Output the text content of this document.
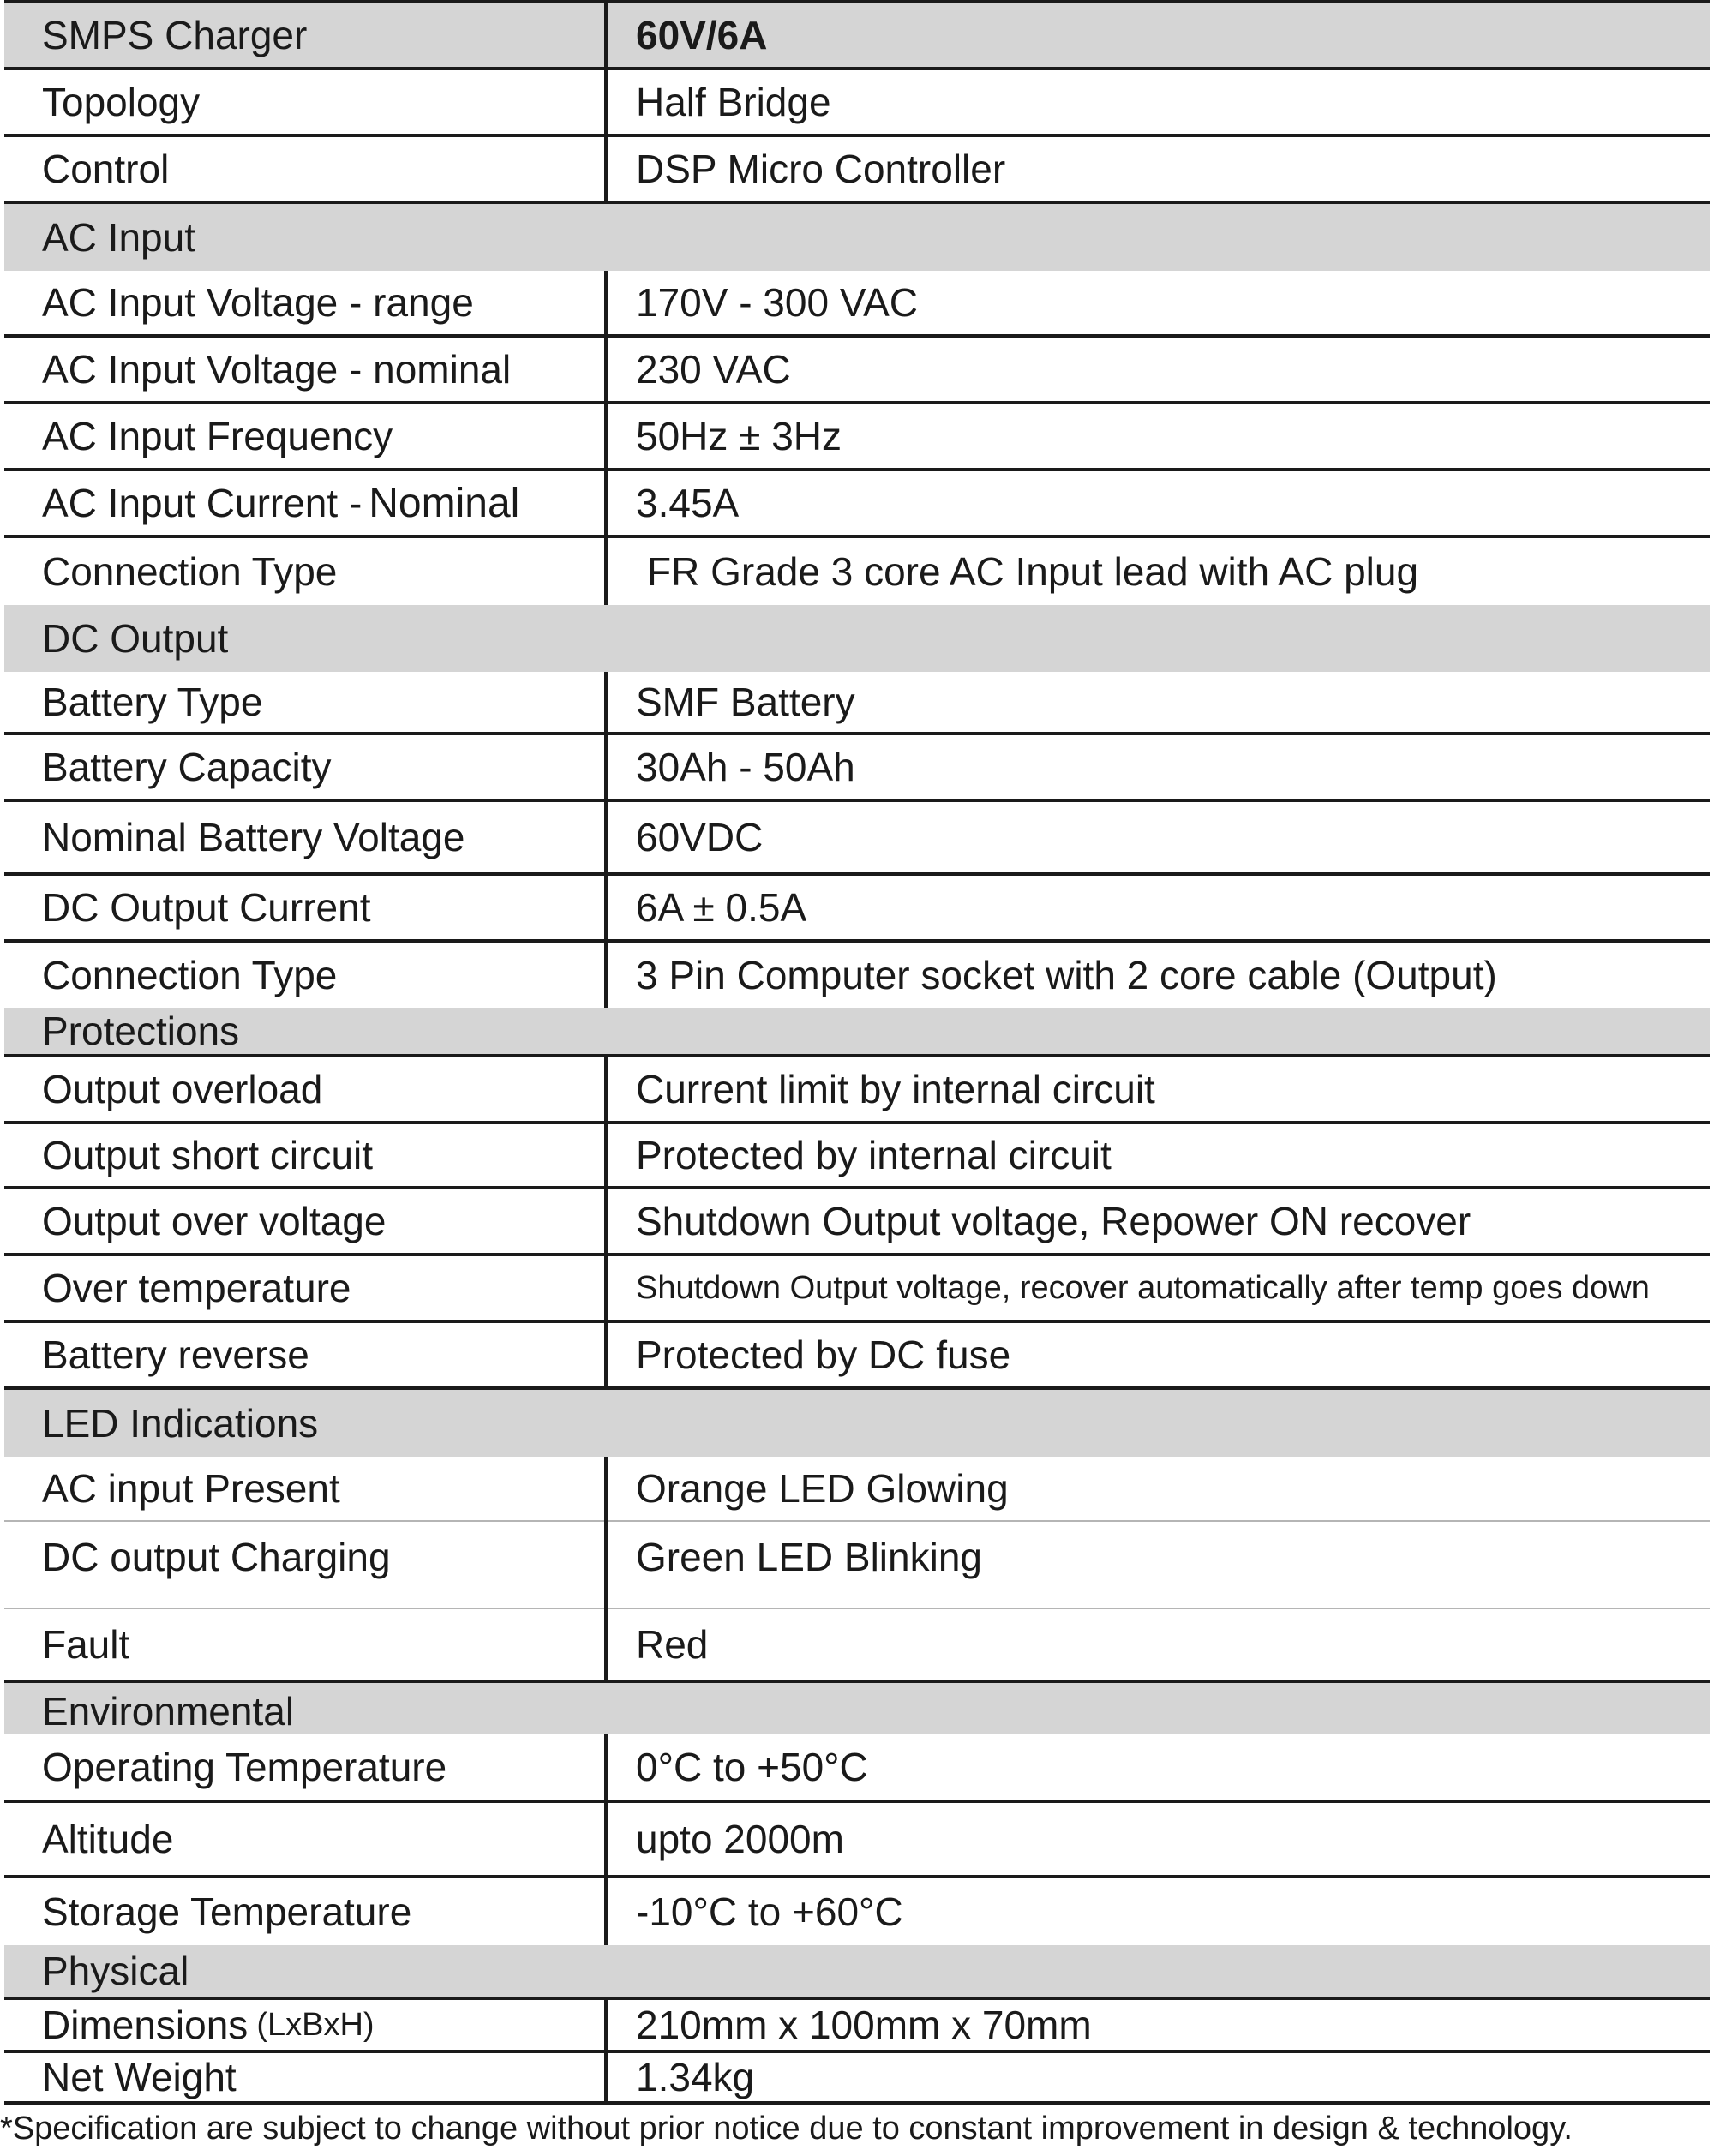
SMPS Charger	60V/6A
Topology	Half Bridge
Control	DSP Micro Controller
AC Input
AC Input Voltage - range	170V - 300 VAC
AC Input Voltage - nominal	230 VAC
AC Input Frequency	50Hz ± 3Hz
AC Input Current - Nominal	3.45A
Connection Type	FR Grade 3 core AC Input lead with AC plug
DC Output
Battery Type	SMF Battery
Battery Capacity	30Ah - 50Ah
Nominal Battery Voltage	60VDC
DC Output Current	6A ± 0.5A
Connection Type	3 Pin Computer socket with 2 core cable (Output)
Protections
Output overload	Current limit by internal circuit
Output short circuit	Protected by internal circuit
Output over voltage	Shutdown Output voltage, Repower ON recover
Over temperature	Shutdown Output voltage, recover automatically after temp goes down
Battery reverse	Protected by DC fuse
LED Indications
AC input Present	Orange LED Glowing
DC output Charging	Green LED Blinking
Fault	Red
Environmental
Operating Temperature	0°C to +50°C
Altitude	upto 2000m
Storage Temperature	-10°C to +60°C
Physical
Dimensions (LxBxH)	210mm x 100mm x 70mm
Net Weight	1.34kg
*Specification are subject to change without prior notice due to constant improvement in design & technology.
